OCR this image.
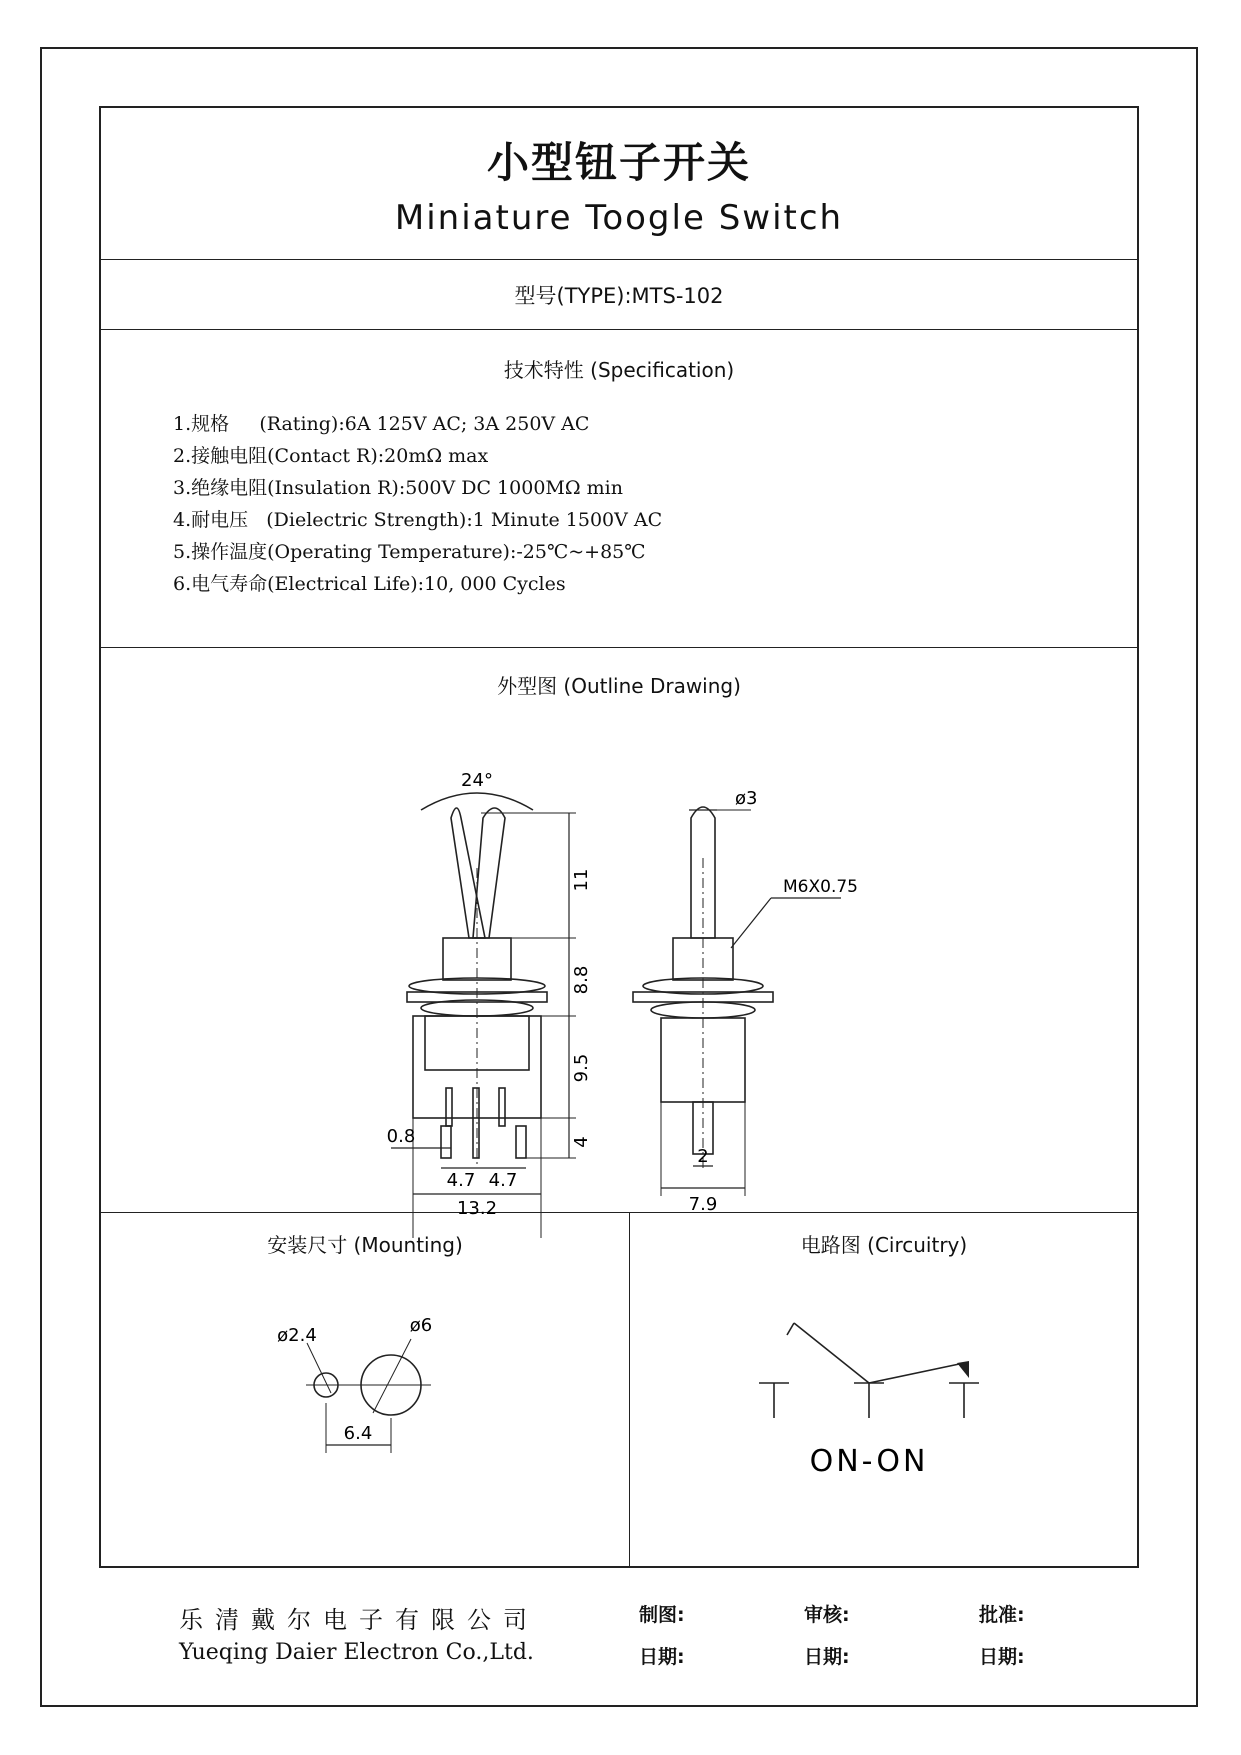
小型钮子开关
Miniature Toogle Switch
型号(TYPE):MTS-102
技术特性 (Specification)
1.规格     (Rating):6A 125V AC; 3A 250V AC
2.接触电阻(Contact R):20mΩ max
3.绝缘电阻(Insulation R):500V DC 1000MΩ min
4.耐电压   (Dielectric Strength):1 Minute 1500V AC
5.操作温度(Operating Temperature):-25℃~+85℃
6.电气寿命(Electrical Life):10, 000 Cycles
外型图 (Outline Drawing)
24°
11
8.8
9.5
4
0.8
4.7 4.7
13.2
ø3
M6X0.75
2
7.9
安装尺寸 (Mounting)
ø2.4	ø6
6.4
电路图 (Circuitry)
ON-ON
乐清戴尔电子有限公司
Yueqing Daier Electron Co.,Ltd.
制图:	审核:	批准:
日期:	日期:	日期:
